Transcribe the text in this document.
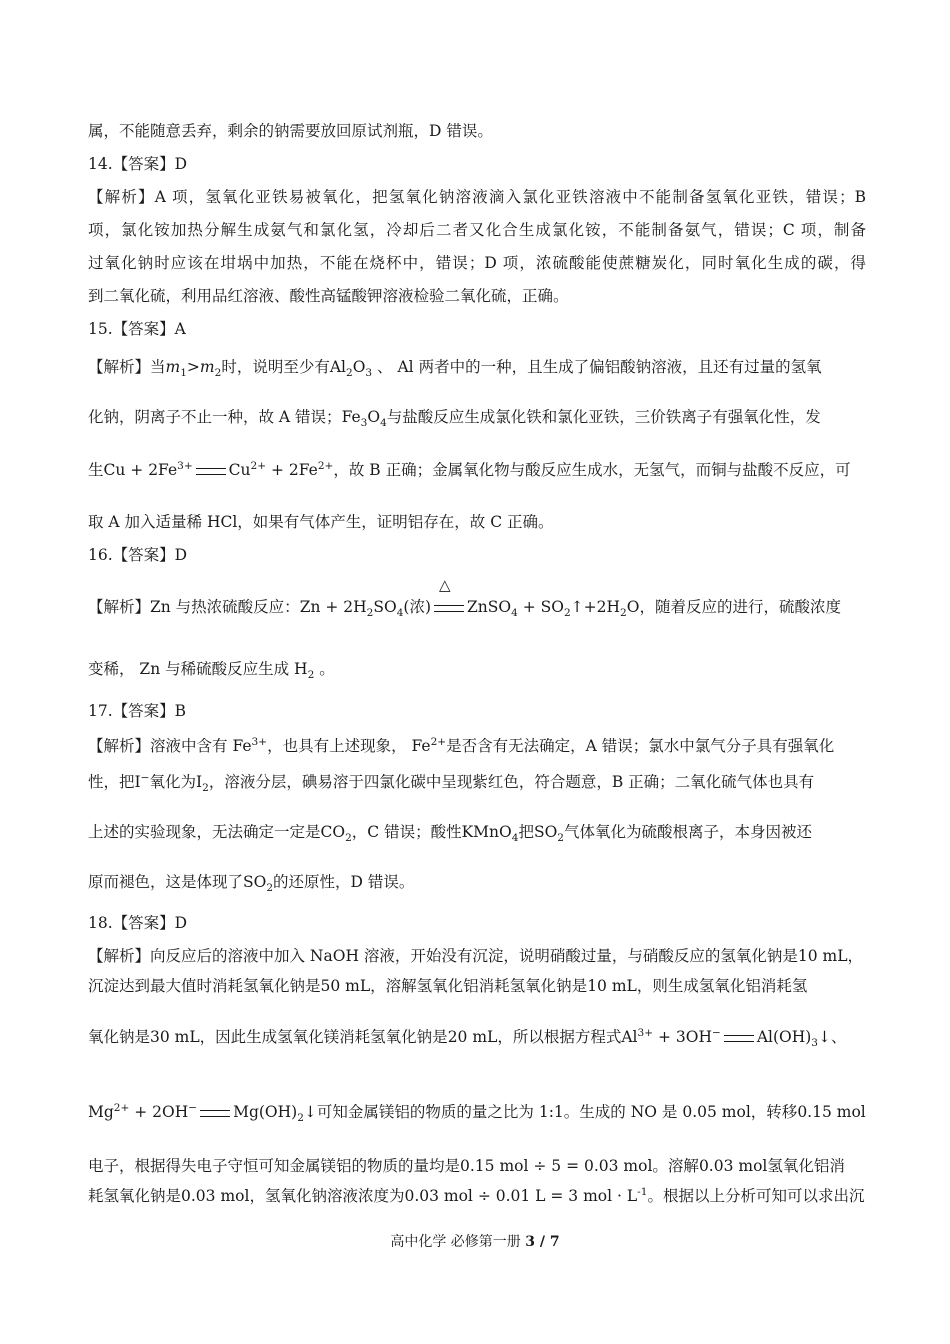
属，不能随意丢弃，剩余的钠需要放回原试剂瓶，D 错误。
14.【答案】D
【解析】A 项，氢氧化亚铁易被氧化，把氢氧化钠溶液滴入氯化亚铁溶液中不能制备氢氧化亚铁，错误；B
项，氯化铵加热分解生成氨气和氯化氢，冷却后二者又化合生成氯化铵，不能制备氨气，错误；C 项，制备
过氧化钠时应该在坩埚中加热，不能在烧杯中，错误；D 项，浓硫酸能使蔗糖炭化，同时氧化生成的碳，得
到二氧化硫，利用品红溶液、酸性高锰酸钾溶液检验二氧化硫，正确。
15.【答案】A
【解析】当$m_1>m_2$时，说明至少有$Al_2O_3$ 、 Al 两者中的一种，且生成了偏铝酸钠溶液，且还有过量的氢氧
化钠，阴离子不止一种，故 A 错误；$Fe_3O_4$与盐酸反应生成氯化铁和氯化亚铁，三价铁离子有强氧化性，发
生$Cu + 2Fe^{3+}$ $Cu^{2+} + 2Fe^{2+}$，故 B 正确；金属氧化物与酸反应生成水，无氢气，而铜与盐酸不反应，可
取 A 加入适量稀 HCl，如果有气体产生，证明铝存在，故 C 正确。
16.【答案】D
【解析】Zn 与热浓硫酸反应：$Zn + 2H_2SO_4$(浓)
△
ZnSO$_4$ + $SO_2↑+2H_2O$，随着反应的进行，硫酸浓度
变稀， Zn 与稀硫酸反应生成 $H_2$ 。
17.【答案】B
【解析】溶液中含有 $Fe^{3+}$，也具有上述现象， $Fe^{2+}$是否含有无法确定，A 错误；氯水中氯气分子具有强氧化
性，把I−氧化为$I_2$，溶液分层，碘易溶于四氯化碳中呈现紫红色，符合题意，B 正确；二氧化硫气体也具有
上述的实验现象，无法确定一定是$CO_2$，C 错误；酸性KMnO$_4$把$SO_2$气体氧化为硫酸根离子，本身因被还
原而褪色，这是体现了$SO_2$的还原性，D 错误。
18.【答案】D
【解析】向反应后的溶液中加入 NaOH 溶液，开始没有沉淀，说明硝酸过量，与硝酸反应的氢氧化钠是10 mL，
沉淀达到最大值时消耗氢氧化钠是50 mL，溶解氢氧化铝消耗氢氧化钠是10 mL，则生成氢氧化铝消耗氢
氧化钠是30 mL，因此生成氢氧化镁消耗氢氧化钠是20 mL，所以根据方程式$Al^{3+} + 3OH^-$ $Al(OH)_3↓$、
$Mg^{2+} + 2OH^-$ $Mg(OH)_2↓$可知金属镁铝的物质的量之比为 1:1。生成的 NO 是 0.05 mol，转移0.15 mol
电子，根据得失电子守恒可知金属镁铝的物质的量均是0.15 mol ÷ 5 = 0.03 mol。溶解0.03 mol氢氧化铝消
耗氢氧化钠是0.03 mol，氢氧化钠溶液浓度为0.03 mol ÷ 0.01 L = 3 mol · $L^{-1}$。根据以上分析可知可以求出沉
高中化学 必修第一册 3 / 7
